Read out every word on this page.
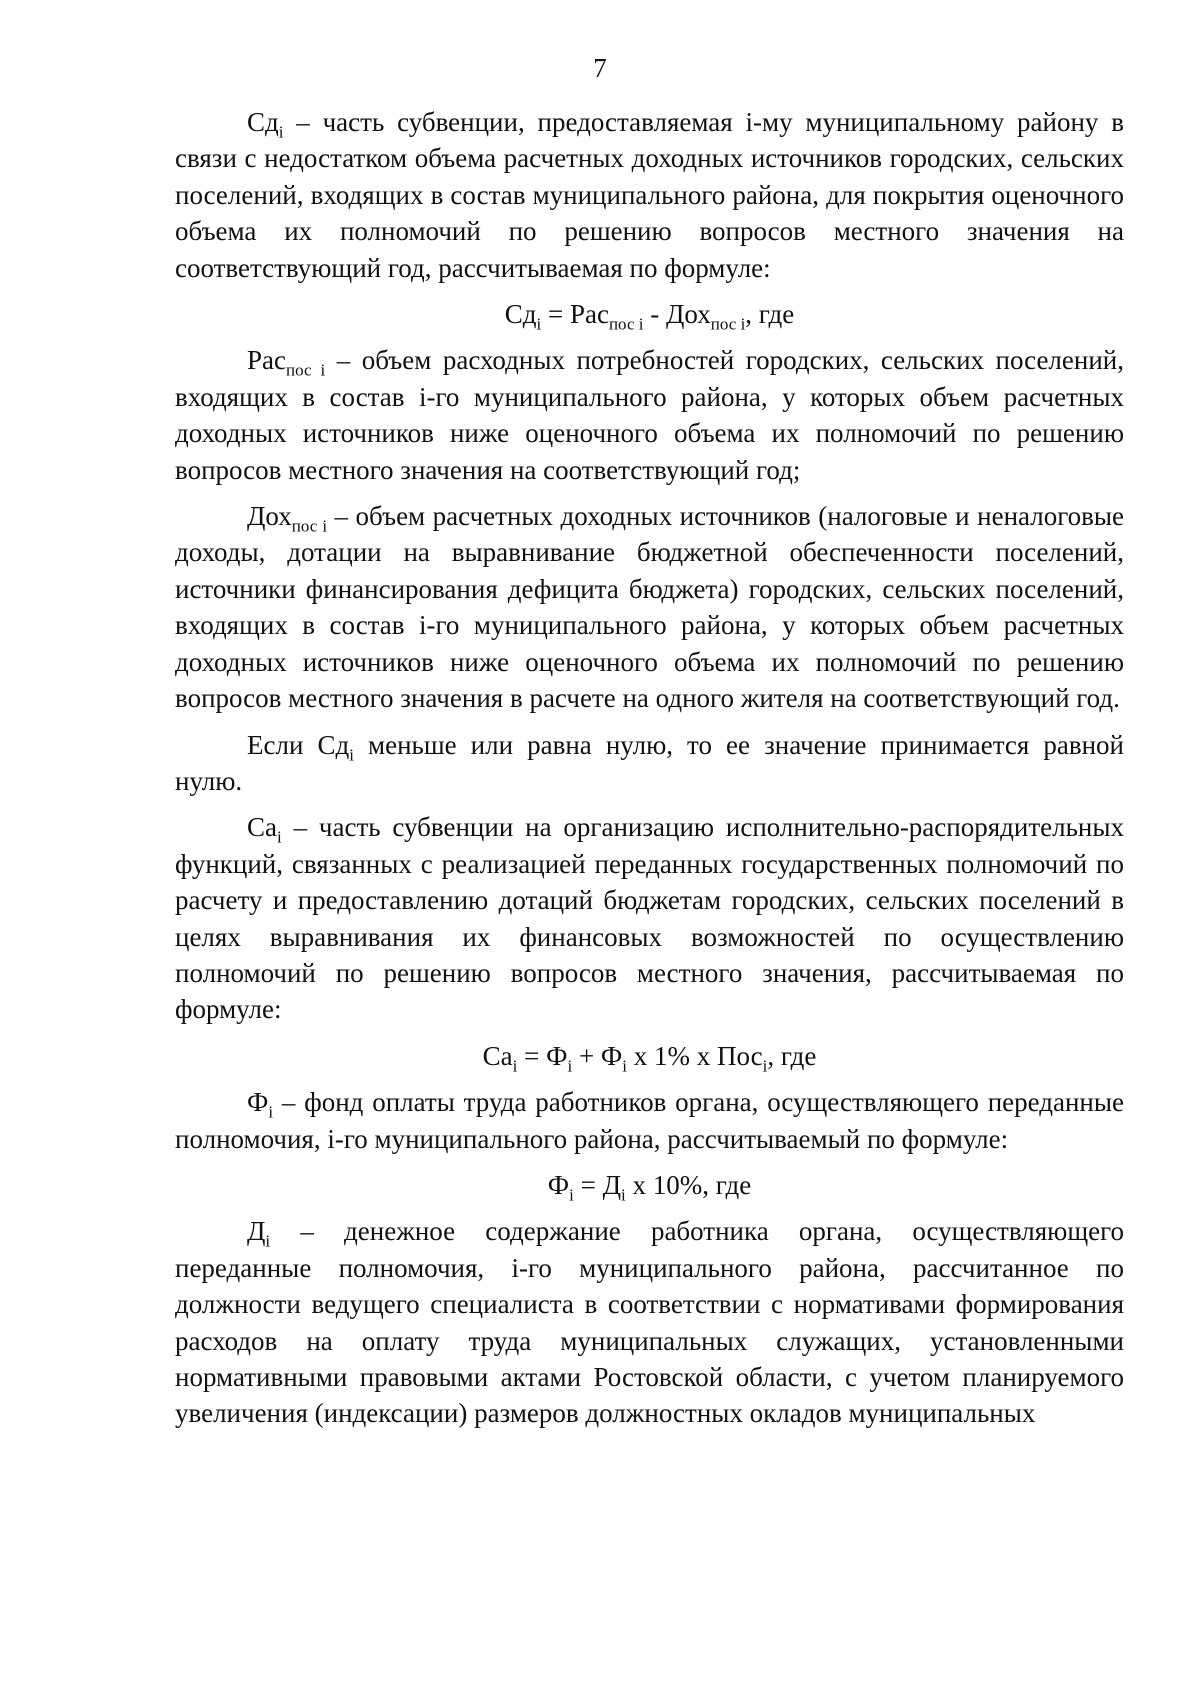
7

$Сд_i$ – часть субвенции, предоставляемая i-му муниципальному району в связи с недостатком объема расчетных доходных источников городских, сельских поселений, входящих в состав муниципального района, для покрытия оценочного объема их полномочий по решению вопросов местного значения на соответствующий год, рассчитываемая по формуле:

$Сд_i = Рас_{пос i} - Дох_{пос i}$, где

Рас$_{пос i}$ – объем расходных потребностей городских, сельских поселений, входящих в состав i-го муниципального района, у которых объем расчетных доходных источников ниже оценочного объема их полномочий по решению вопросов местного значения на соответствующий год;

Дох$_{пос i}$ – объем расчетных доходных источников (налоговые и неналоговые доходы, дотации на выравнивание бюджетной обеспеченности поселений, источники финансирования дефицита бюджета) городских, сельских поселений, входящих в состав i-го муниципального района, у которых объем расчетных доходных источников ниже оценочного объема их полномочий по решению вопросов местного значения в расчете на одного жителя на соответствующий год.

Если $Сд_i$ меньше или равна нулю, то ее значение принимается равной нулю.

$Са_i$ – часть субвенции на организацию исполнительно-распорядительных функций, связанных с реализацией переданных государственных полномочий по расчету и предоставлению дотаций бюджетам городских, сельских поселений в целях выравнивания их финансовых возможностей по осуществлению полномочий по решению вопросов местного значения, рассчитываемая по формуле:

$Са_i = Ф_i + Ф_i$ х 1% х Пос$_i$, где

$Ф_i$ – фонд оплаты труда работников органа, осуществляющего переданные полномочия, i-го муниципального района, рассчитываемый по формуле:

$Ф_i = Д_i$ х 10%, где

$Д_i$ – денежное содержание работника органа, осуществляющего переданные полномочия, i-го муниципального района, рассчитанное по должности ведущего специалиста в соответствии с нормативами формирования расходов на оплату труда муниципальных служащих, установленными нормативными правовыми актами Ростовской области, с учетом планируемого увеличения (индексации) размеров должностных окладов муниципальных
